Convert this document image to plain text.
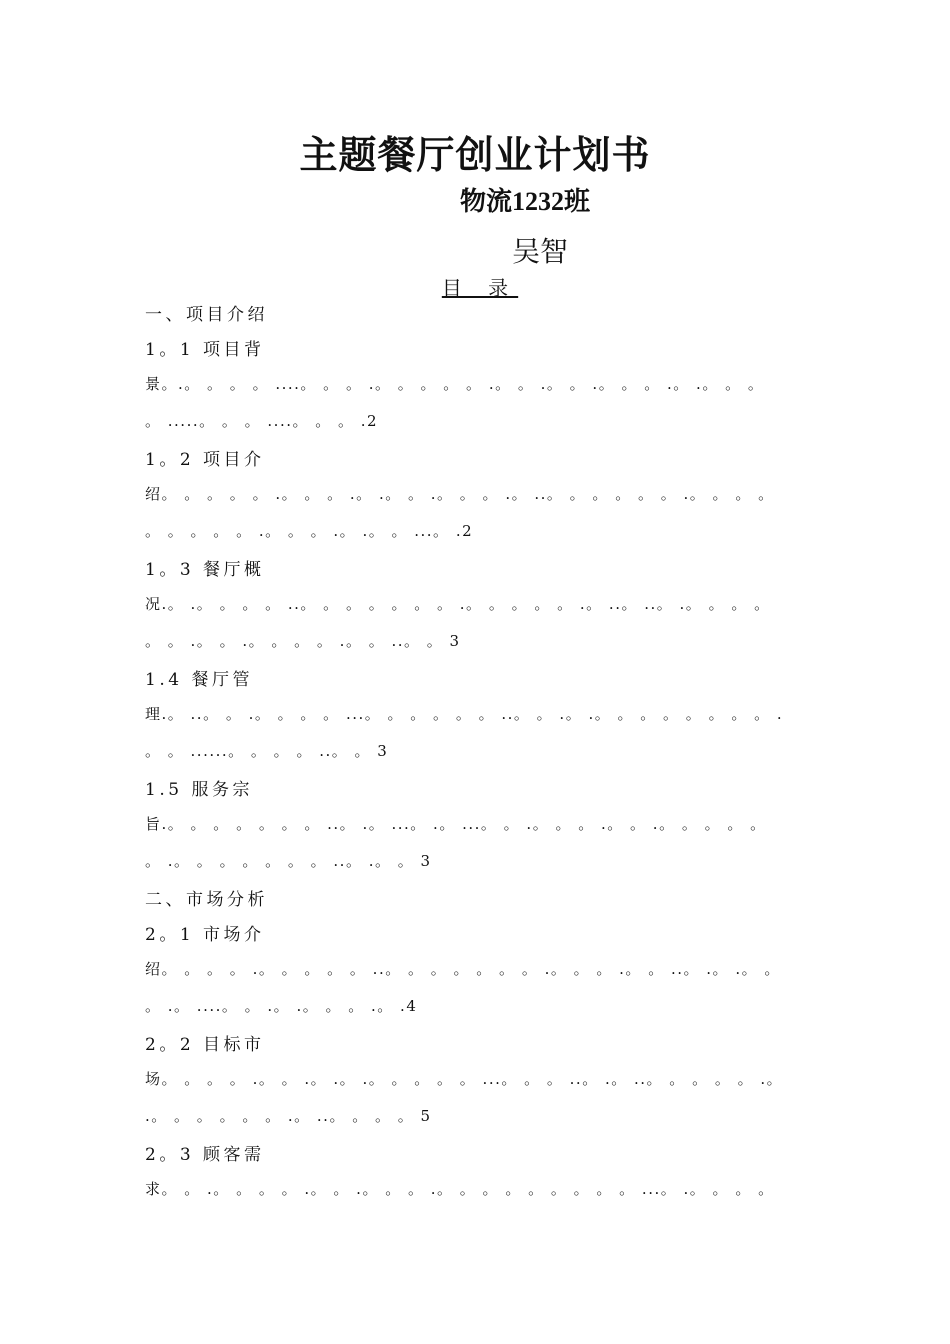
主题餐厅创业计划书
物流1232班
吴智
目 录
一、项目介绍
1。1 项目背
景。.。 。 。 。 ....。 。 。 .。 。 。 。 。 .。 。 .。 。 .。 。 。 .。 .。 。 。
。 .....。 。 。 ....。 。 。 .2
1。2 项目介
绍。 。 。 。 。 .。 。 。 .。 .。 。 .。 。 。 .。 ..。 。 。 。 。 。 .。 。 。 。
。 。 。 。 。 .。 。 。 .。 .。 。 ...。 .2
1。3 餐厅概
况.。 .。 。 。 。 ..。 。 。 。 。 。 。 .。 。 。 。 。 .。 ..。 ..。 .。 。 。 。
。 。 .。 。 .。 。 。 。 .。 。 ..。 。 3
1.4 餐厅管
理.。 ..。 。 .。 。 。 。 ...。 。 。 。 。 。 ..。 。 .。 .。 。 。 。 。 。 。 。 .
。 。 ......。 。 。 。 ..。 。 3
1.5 服务宗
旨.。 。 。 。 。 。 。 ..。 .。 ...。 .。 ...。 。 .。 。 。 .。 。 .。 。 。 。 。
。 .。 。 。 。 。 。 。 ..。 .。 。 3
二、市场分析
2。1 市场介
绍。 。 。 。 .。 。 。 。 。 ..。 。 。 。 。 。 。 .。 。 。 .。 。 ..。 .。 .。 。
。 .。 ....。 。 .。 .。 。 。 .。 .4
2。2 目标市
场。 。 。 。 .。 。 .。 .。 .。 。 。 。 。 ...。 。 。 ..。 .。 ..。 。 。 。 。 .。
.。 。 。 。 。 。 .。 ..。 。 。 。 5
2。3 顾客需
求。 。 .。 。 。 。 .。 。 .。 。 。 .。 。 。 。 。 。 。 。 。 ...。 .。 。 。 。
